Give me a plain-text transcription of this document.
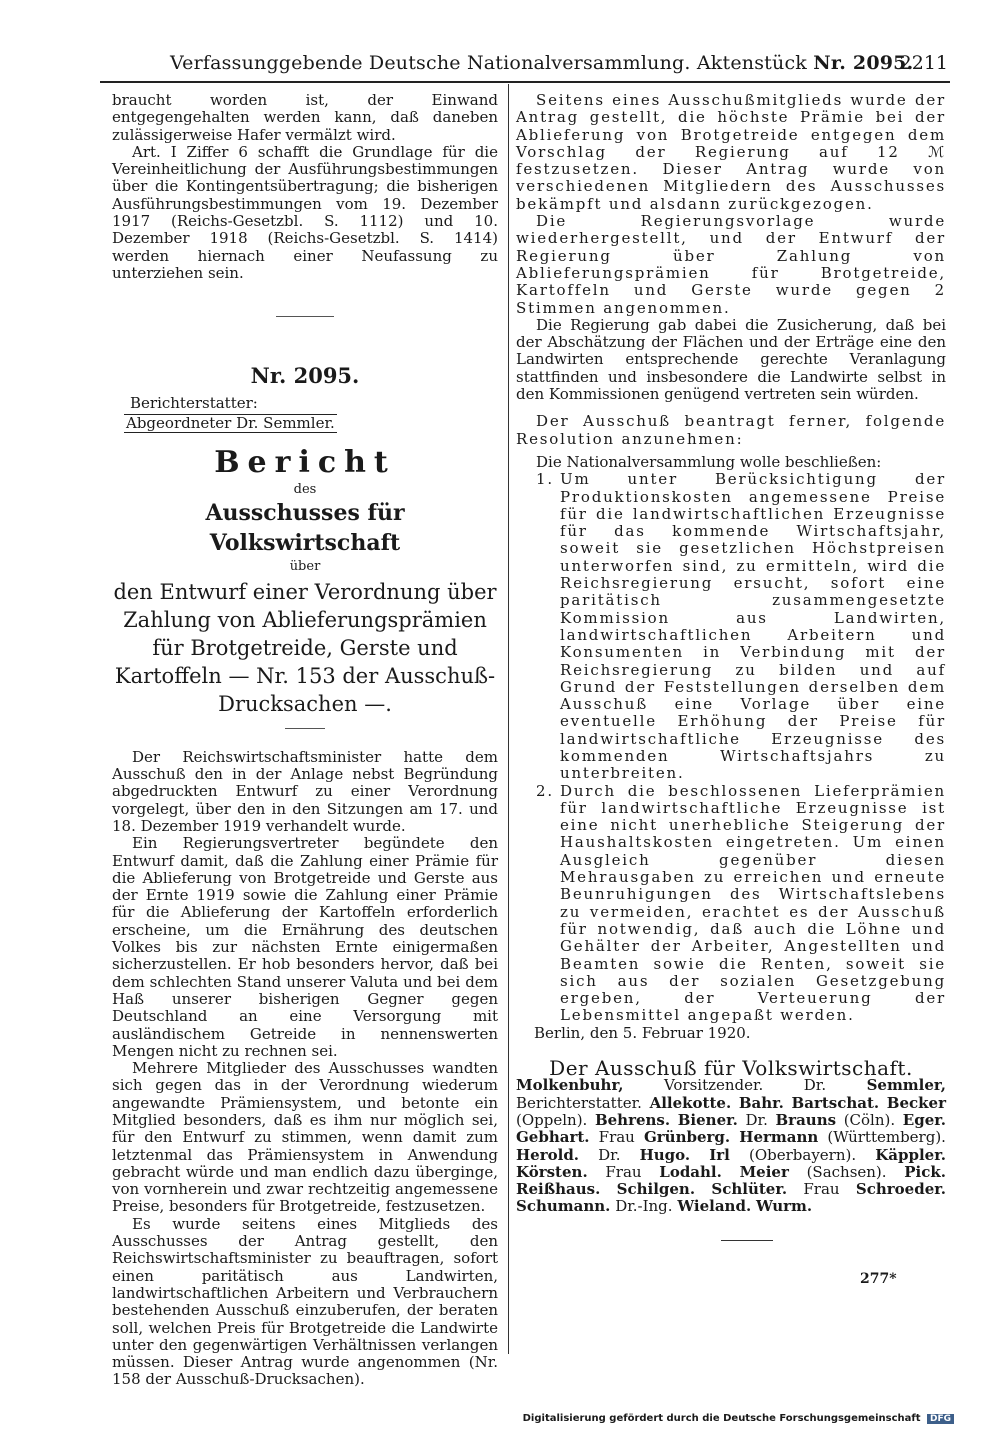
Verfassunggebende Deutsche Nationalversammlung. Aktenstück Nr. 2095.
2211

braucht worden ist, der Einwand entgegengehalten werden kann, daß daneben zulässigerweise Hafer vermälzt wird.

Art. I Ziffer 6 schafft die Grundlage für die Vereinheitlichung der Ausführungsbestimmungen über die Kontingentsübertragung; die bisherigen Ausführungsbestimmungen vom 19. Dezember 1917 (Reichs-Gesetzbl. S. 1112) und 10. Dezember 1918 (Reichs-Gesetzbl. S. 1414) werden hiernach einer Neufassung zu unterziehen sein.

Nr. 2095.
Berichterstatter:
Abgeordneter Dr. Semmler.
Bericht
des
Ausschusses für Volkswirtschaft
über
den Entwurf einer Verordnung über Zahlung von Ablieferungsprämien für Brotgetreide, Gerste und Kartoffeln — Nr. 153 der Ausschuß-Drucksachen —.

Der Reichswirtschaftsminister hatte dem Ausschuß den in der Anlage nebst Begründung abgedruckten Entwurf zu einer Verordnung vorgelegt, über den in den Sitzungen am 17. und 18. Dezember 1919 verhandelt wurde.

Ein Regierungsvertreter begündete den Entwurf damit, daß die Zahlung einer Prämie für die Ablieferung von Brotgetreide und Gerste aus der Ernte 1919 sowie die Zahlung einer Prämie für die Ablieferung der Kartoffeln erforderlich erscheine, um die Ernährung des deutschen Volkes bis zur nächsten Ernte einigermaßen sicherzustellen. Er hob besonders hervor, daß bei dem schlechten Stand unserer Valuta und bei dem Haß unserer bisherigen Gegner gegen Deutschland an eine Versorgung mit ausländischem Getreide in nennenswerten Mengen nicht zu rechnen sei.

Mehrere Mitglieder des Ausschusses wandten sich gegen das in der Verordnung wiederum angewandte Prämiensystem, und betonte ein Mitglied besonders, daß es ihm nur möglich sei, für den Entwurf zu stimmen, wenn damit zum letztenmal das Prämiensystem in Anwendung gebracht würde und man endlich dazu überginge, von vornherein und zwar rechtzeitig angemessene Preise, besonders für Brotgetreide, festzusetzen.

Es wurde seitens eines Mitglieds des Ausschusses der Antrag gestellt, den Reichswirtschaftsminister zu beauftragen, sofort einen paritätisch aus Landwirten, landwirtschaftlichen Arbeitern und Verbrauchern bestehenden Ausschuß einzuberufen, der beraten soll, welchen Preis für Brotgetreide die Landwirte unter den gegenwärtigen Verhältnissen verlangen müssen. Dieser Antrag wurde angenommen (Nr. 158 der Ausschuß-Drucksachen).

Seitens eines Ausschußmitglieds wurde der Antrag gestellt, die höchste Prämie bei der Ablieferung von Brotgetreide entgegen dem Vorschlag der Regierung auf 12 ℳ festzusetzen. Dieser Antrag wurde von verschiedenen Mitgliedern des Ausschusses bekämpft und alsdann zurückgezogen.

Die Regierungsvorlage wurde wiederhergestellt, und der Entwurf der Regierung über Zahlung von Ablieferungsprämien für Brotgetreide, Kartoffeln und Gerste wurde gegen 2 Stimmen angenommen.

Die Regierung gab dabei die Zusicherung, daß bei der Abschätzung der Flächen und der Erträge eine den Landwirten entsprechende gerechte Veranlagung stattfinden und insbesondere die Landwirte selbst in den Kommissionen genügend vertreten sein würden.

Der Ausschuß beantragt ferner, folgende Resolution anzunehmen:

Die Nationalversammlung wolle beschließen:

1. Um unter Berücksichtigung der Produktionskosten angemessene Preise für die landwirtschaftlichen Erzeugnisse für das kommende Wirtschaftsjahr, soweit sie gesetzlichen Höchstpreisen unterworfen sind, zu ermitteln, wird die Reichsregierung ersucht, sofort eine paritätisch zusammengesetzte Kommission aus Landwirten, landwirtschaftlichen Arbeitern und Konsumenten in Verbindung mit der Reichsregierung zu bilden und auf Grund der Feststellungen derselben dem Ausschuß eine Vorlage über eine eventuelle Erhöhung der Preise für landwirtschaftliche Erzeugnisse des kommenden Wirtschaftsjahrs zu unterbreiten.
2. Durch die beschlossenen Lieferprämien für landwirtschaftliche Erzeugnisse ist eine nicht unerhebliche Steigerung der Haushaltskosten eingetreten. Um einen Ausgleich gegenüber diesen Mehrausgaben zu erreichen und erneute Beunruhigungen des Wirtschaftslebens zu vermeiden, erachtet es der Ausschuß für notwendig, daß auch die Löhne und Gehälter der Arbeiter, Angestellten und Beamten sowie die Renten, soweit sie sich aus der sozialen Gesetzgebung ergeben, der Verteuerung der Lebensmittel angepaßt werden.

Berlin, den 5. Februar 1920.

Der Ausschuß für Volkswirtschaft.

Molkenbuhr,	Vorsitzender.	Dr.	Semmler, Berichterstatter. Allekotte. Bahr. Bartschat. Becker (Oppeln). Behrens. Biener. Dr. Brauns (Cöln). Eger. Gebhart. Frau Grünberg. Hermann (Württemberg). Herold. Dr. Hugo. Irl (Oberbayern). Käppler. Körsten. Frau Lodahl. Meier (Sachsen). Pick. Reißhaus. Schilgen. Schlüter. Frau Schroeder. Schumann. Dr.-Ing. Wieland. Wurm.

277*
Digitalisierung gefördert durch die Deutsche Forschungsgemeinschaft DFG
